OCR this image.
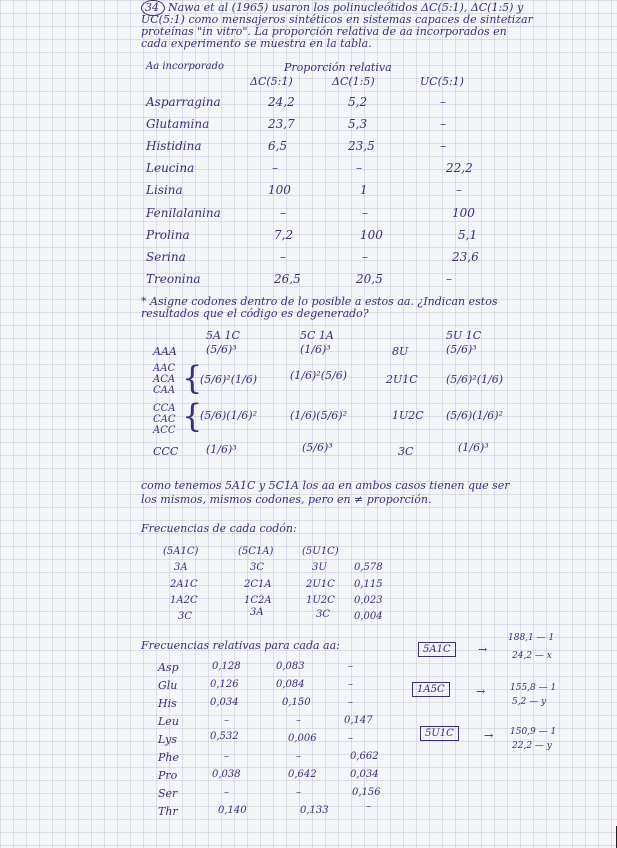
34 Nawa et al (1965) usaron los polinucleótidos ΔC(5:1), ΔC(1:5) y
UC(5:1) como mensajeros sintéticos en sistemas capaces de sintetizar
proteínas "in vitro". La proporción relativa de aa incorporados en
cada experimento se muestra en la tabla.
Aa incorporado	Proporción relativa
ΔC(5:1)	ΔC(1:5)	UC(5:1)
Asparragina	24,2	5,2	–
Glutamina	23,7	5,3	–
Histidina	6,5	23,5	–
Leucina	–	–	22,2
Lisina	100	1	–
Fenilalanina	–	–	100
Prolina	7,2	100	5,1
Serina	–	–	23,6
Treonina	26,5	20,5	–
* Asigne codones dentro de lo posible a estos aa. ¿Indican estos
resultados que el código es degenerado?
5A 1C	5C 1A	5U 1C
AAA	(5/6)³	(1/6)³	8U	(5/6)³
AAC
ACA
CAA {
(5/6)²(1/6)	(1/6)²(5/6)	2U1C	(5/6)²(1/6)
CCA
CAC
ACC {
(5/6)(1/6)²	(1/6)(5/6)²	1U2C (5/6)(1/6)²
CCC	(1/6)³	(5/6)³	3C	(1/6)³
como tenemos 5A1C y 5C1A los aa en ambos casos tienen que ser
los mismos, mismos codones, pero en ≠ proporción.
Frecuencias de cada codón:
(5A1C)	(5C1A)	(5U1C)
3A	3C	3U	0,578
2A1C	2C1A	2U1C 0,115
1A2C	1C2A	1U2C 0,023
3C	3A	3C 0,004
Frecuencias relativas para cada aa:
Asp	0,128	0,083	–
Glu	0,126	0,084	–
His	0,034	0,150	–
Leu	–	–	0,147
Lys	0,532	0,006	–
Phe	–	–	0,662
Pro	0,038	0,642	0,034
Ser	–	–	0,156
Thr	0,140	0,133	–
5A1C	→
188,1 — 1
24,2 — x
1A5C	→	155,8 — 1
5,2 — y
5U1C	→ 150,9 — 1
22,2 — y
